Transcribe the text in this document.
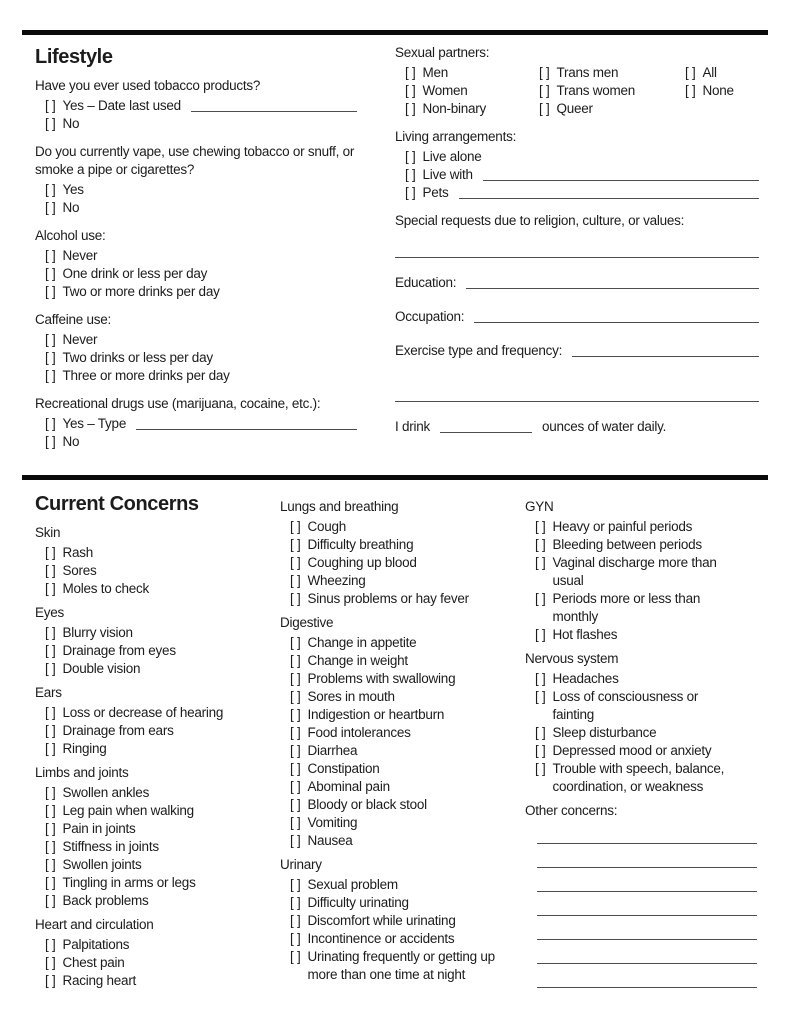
Lifestyle
Have you ever used tobacco products?
[ ] Yes – Date last used
[ ] No
Do you currently vape, use chewing tobacco or snuff, or smoke a pipe or cigarettes?
[ ] Yes
[ ] No
Alcohol use:
[ ] Never
[ ] One drink or less per day
[ ] Two or more drinks per day
Caffeine use:
[ ] Never
[ ] Two drinks or less per day
[ ] Three or more drinks per day
Recreational drugs use (marijuana, cocaine, etc.):
[ ] Yes – Type
[ ] No
Sexual partners:
[ ] Men
[ ] Women
[ ] Non-binary
[ ] Trans men
[ ] Trans women
[ ] Queer
[ ] All
[ ] None
Living arrangements:
[ ] Live alone
[ ] Live with
[ ] Pets
Special requests due to religion, culture, or values:
Education:
Occupation:
Exercise type and frequency:
I drink	ounces of water daily.
Current Concerns
Skin
[ ] Rash
[ ] Sores
[ ] Moles to check
Eyes
[ ] Blurry vision
[ ] Drainage from eyes
[ ] Double vision
Ears
[ ] Loss or decrease of hearing
[ ] Drainage from ears
[ ] Ringing
Limbs and joints
[ ] Swollen ankles
[ ] Leg pain when walking
[ ] Pain in joints
[ ] Stiffness in joints
[ ] Swollen joints
[ ] Tingling in arms or legs
[ ] Back problems
Heart and circulation
[ ] Palpitations
[ ] Chest pain
[ ] Racing heart
Lungs and breathing
[ ] Cough
[ ] Difficulty breathing
[ ] Coughing up blood
[ ] Wheezing
[ ] Sinus problems or hay fever
Digestive
[ ] Change in appetite
[ ] Change in weight
[ ] Problems with swallowing
[ ] Sores in mouth
[ ] Indigestion or heartburn
[ ] Food intolerances
[ ] Diarrhea
[ ] Constipation
[ ] Abominal pain
[ ] Bloody or black stool
[ ] Vomiting
[ ] Nausea
Urinary
[ ] Sexual problem
[ ] Difficulty urinating
[ ] Discomfort while urinating
[ ] Incontinence or accidents
[ ] Urinating frequently or getting up more than one time at night
GYN
[ ] Heavy or painful periods
[ ] Bleeding between periods
[ ] Vaginal discharge more than usual
[ ] Periods more or less than monthly
[ ] Hot flashes
Nervous system
[ ] Headaches
[ ] Loss of consciousness or fainting
[ ] Sleep disturbance
[ ] Depressed mood or anxiety
[ ] Trouble with speech, balance, coordination, or weakness
Other concerns:
